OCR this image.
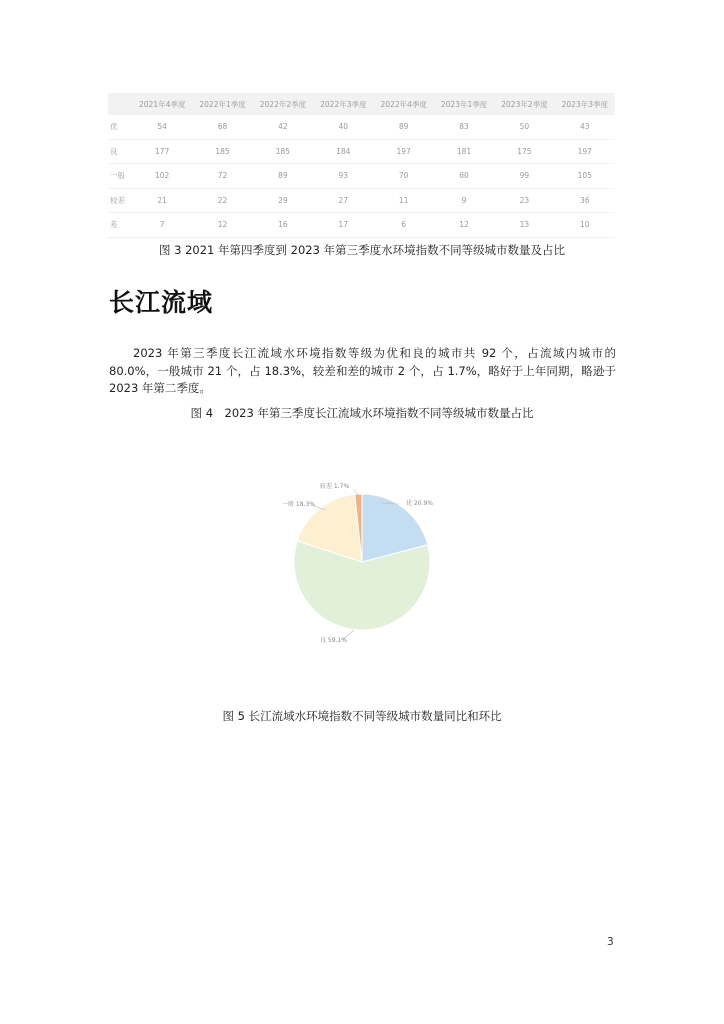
	2021年4季度	2022年1季度	2022年2季度	2022年3季度	2022年4季度	2023年1季度	2023年2季度	2023年3季度
优	54	68	42	40	89	83	50	43
良	177	185	185	184	197	181	175	197
一般	102	72	89	93	70	60	99	105
较差	21	22	29	27	11	9	23	36
差	7	12	16	17	6	12	13	10
图 3 2021 年第四季度到 2023 年第三季度水环境指数不同等级城市数量及占比
长江流域
2023 年第三季度长江流域水环境指数等级为优和良的城市共 92 个，占流域内城市的 80.0%，一般城市 21 个，占 18.3%，较差和差的城市 2 个，占 1.7%，略好于上年同期，略逊于 2023 年第二季度。
图 4　2023 年第三季度长江流域水环境指数不同等级城市数量占比
优 20.9%
良 59.1%
一般 18.3%
较差 1.7%
图 5 长江流域水环境指数不同等级城市数量同比和环比
3
